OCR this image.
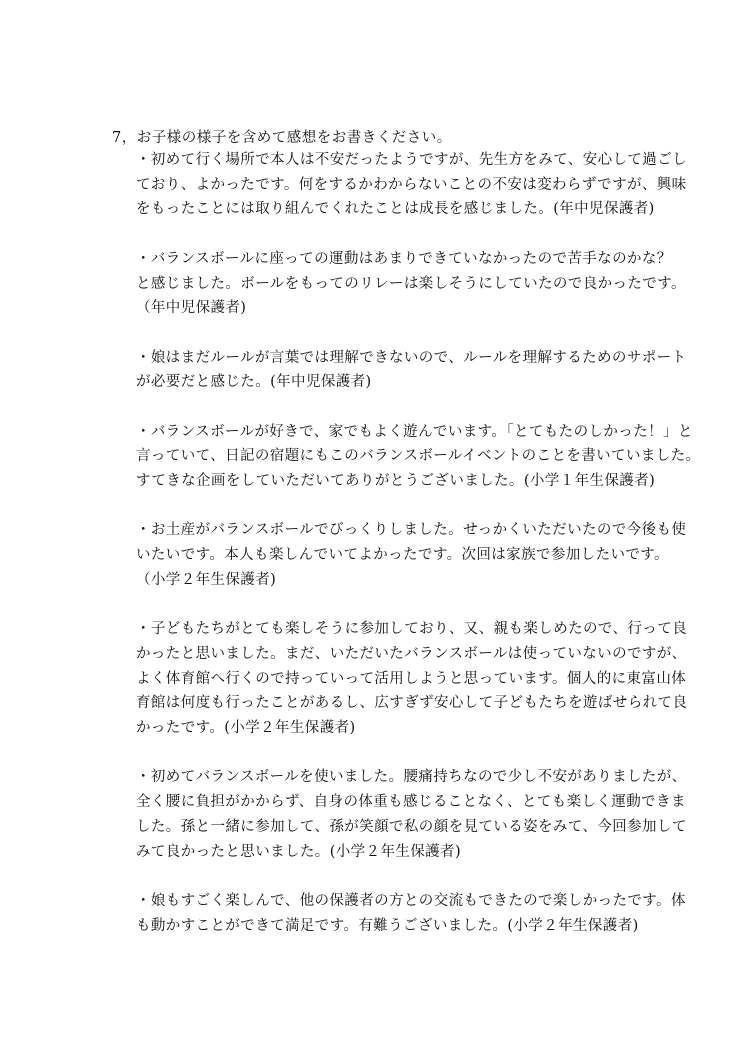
7，お子様の様子を含めて感想をお書きください。
・初めて行く場所で本人は不安だったようですが、先生方をみて、安心して過ごし
ており、よかったです。何をするかわからないことの不安は変わらずですが、興味
をもったことには取り組んでくれたことは成長を感じました。(年中児保護者)
・バランスボールに座っての運動はあまりできていなかったので苦手なのかな？
と感じました。ボールをもってのリレーは楽しそうにしていたので良かったです。
（年中児保護者)
・娘はまだルールが言葉では理解できないので、ルールを理解するためのサポート
が必要だと感じた。(年中児保護者)
・バランスボールが好きで、家でもよく遊んでいます。「とてもたのしかった！」と
言っていて、日記の宿題にもこのバランスボールイベントのことを書いていました。
すてきな企画をしていただいてありがとうございました。(小学１年生保護者)
・お土産がバランスボールでびっくりしました。せっかくいただいたので今後も使
いたいです。本人も楽しんでいてよかったです。次回は家族で参加したいです。
（小学２年生保護者)
・子どもたちがとても楽しそうに参加しており、又、親も楽しめたので、行って良
かったと思いました。まだ、いただいたバランスボールは使っていないのですが、
よく体育館へ行くので持っていって活用しようと思っています。個人的に東富山体
育館は何度も行ったことがあるし、広すぎず安心して子どもたちを遊ばせられて良
かったです。(小学２年生保護者)
・初めてバランスボールを使いました。腰痛持ちなので少し不安がありましたが、
全く腰に負担がかからず、自身の体重も感じることなく、とても楽しく運動できま
した。孫と一緒に参加して、孫が笑顔で私の顔を見ている姿をみて、今回参加して
みて良かったと思いました。(小学２年生保護者)
・娘もすごく楽しんで、他の保護者の方との交流もできたので楽しかったです。体
も動かすことができて満足です。有難うございました。(小学２年生保護者)
